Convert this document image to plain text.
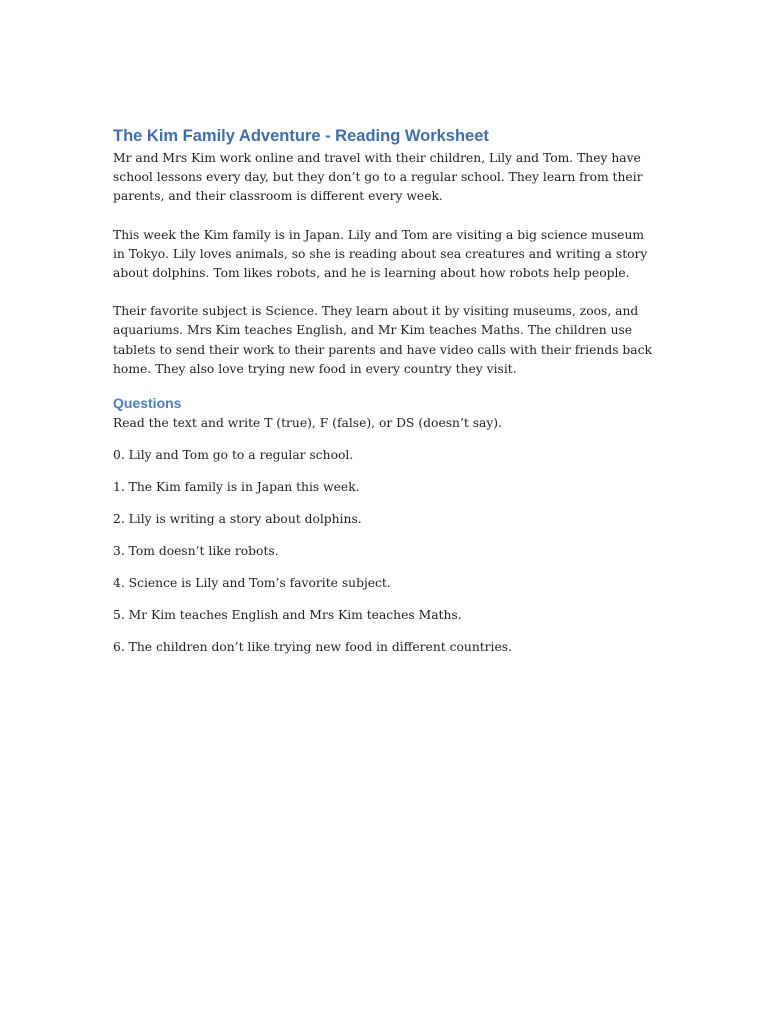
The Kim Family Adventure - Reading Worksheet

Mr and Mrs Kim work online and travel with their children, Lily and Tom. They have school lessons every day, but they don’t go to a regular school. They learn from their parents, and their classroom is different every week.

This week the Kim family is in Japan. Lily and Tom are visiting a big science museum in Tokyo. Lily loves animals, so she is reading about sea creatures and writing a story about dolphins. Tom likes robots, and he is learning about how robots help people.

Their favorite subject is Science. They learn about it by visiting museums, zoos, and aquariums. Mrs Kim teaches English, and Mr Kim teaches Maths. The children use tablets to send their work to their parents and have video calls with their friends back home. They also love trying new food in every country they visit.

Questions

Read the text and write T (true), F (false), or DS (doesn’t say).

0. Lily and Tom go to a regular school.

1. The Kim family is in Japan this week.

2. Lily is writing a story about dolphins.

3. Tom doesn’t like robots.

4. Science is Lily and Tom’s favorite subject.

5. Mr Kim teaches English and Mrs Kim teaches Maths.

6. The children don’t like trying new food in different countries.
